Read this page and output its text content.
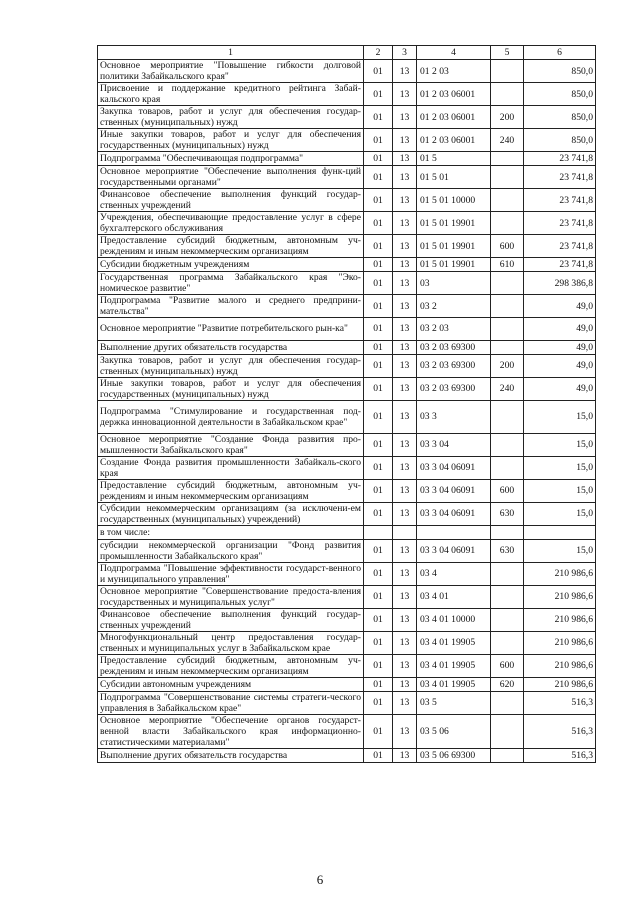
1	2	3	4	5	6
Основное мероприятие "Повышение гибкости долговой политики Забайкальского края"	01	13	01 2 03		850,0
Присвоение и поддержание кредитного рейтинга Забай-кальского края	01	13	01 2 03 06001		850,0
Закупка товаров, работ и услуг для обеспечения государ-ственных (муниципальных) нужд	01	13	01 2 03 06001	200	850,0
Иные закупки товаров, работ и услуг для обеспечения государственных (муниципальных) нужд	01	13	01 2 03 06001	240	850,0
Подпрограмма "Обеспечивающая подпрограмма"	01	13	01 5		23 741,8
Основное мероприятие "Обеспечение выполнения функ-ций государственными органами"	01	13	01 5 01		23 741,8
Финансовое обеспечение выполнения функций государ-ственных учреждений	01	13	01 5 01 10000		23 741,8
Учреждения, обеспечивающие предоставление услуг в сфере бухгалтерского обслуживания	01	13	01 5 01 19901		23 741,8
Предоставление субсидий бюджетным, автономным уч-реждениям и иным некоммерческим организациям	01	13	01 5 01 19901	600	23 741,8
Субсидии бюджетным учреждениям	01	13	01 5 01 19901	610	23 741,8
Государственная программа Забайкальского края "Эко-номическое развитие"	01	13	03		298 386,8
Подпрограмма "Развитие малого и среднего предприни-мательства"	01	13	03 2		49,0
Основное мероприятие "Развитие потребительского рын-ка"	01	13	03 2 03		49,0
Выполнение других обязательств государства	01	13	03 2 03 69300		49,0
Закупка товаров, работ и услуг для обеспечения государ-ственных (муниципальных) нужд	01	13	03 2 03 69300	200	49,0
Иные закупки товаров, работ и услуг для обеспечения государственных (муниципальных) нужд	01	13	03 2 03 69300	240	49,0
Подпрограмма "Стимулирование и государственная под-держка инновационной деятельности в Забайкальском крае"	01	13	03 3		15,0
Основное мероприятие "Создание Фонда развития про-мышленности Забайкальского края"	01	13	03 3 04		15,0
Создание Фонда развития промышленности Забайкаль-ского края	01	13	03 3 04 06091		15,0
Предоставление субсидий бюджетным, автономным уч-реждениям и иным некоммерческим организациям	01	13	03 3 04 06091	600	15,0
Субсидии некоммерческим организациям (за исключени-ем государственных (муниципальных) учреждений)	01	13	03 3 04 06091	630	15,0
в том числе:					
субсидии некоммерческой организации "Фонд развития промышленности Забайкальского края"	01	13	03 3 04 06091	630	15,0
Подпрограмма "Повышение эффективности государст-венного и муниципального управления"	01	13	03 4		210 986,6
Основное мероприятие "Совершенствование предоста-вления государственных и муниципальных услуг"	01	13	03 4 01		210 986,6
Финансовое обеспечение выполнения функций государ-ственных учреждений	01	13	03 4 01 10000		210 986,6
Многофункциональный центр предоставления государ-ственных и муниципальных услуг в Забайкальском крае	01	13	03 4 01 19905		210 986,6
Предоставление субсидий бюджетным, автономным уч-реждениям и иным некоммерческим организациям	01	13	03 4 01 19905	600	210 986,6
Субсидии автономным учреждениям	01	13	03 4 01 19905	620	210 986,6
Подпрограмма "Совершенствование системы стратеги-ческого управления в Забайкальском крае"	01	13	03 5		516,3
Основное мероприятие "Обеспечение органов государст-венной власти Забайкальского края информационно-статистическими материалами"	01	13	03 5 06		516,3
Выполнение других обязательств государства	01	13	03 5 06 69300		516,3
6
